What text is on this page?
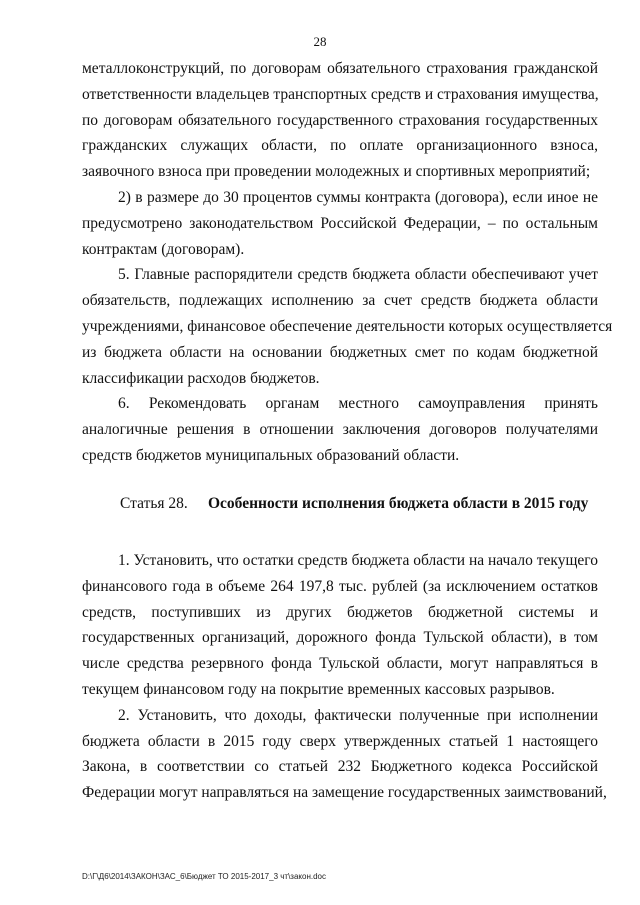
28
металлоконструкций, по договорам обязательного страхования гражданской
ответственности владельцев транспортных средств и страхования имущества,
по договорам обязательного государственного страхования государственных
гражданских служащих области, по оплате организационного взноса,
заявочного взноса при проведении молодежных и спортивных мероприятий;
2) в размере до 30 процентов суммы контракта (договора), если иное не
предусмотрено законодательством Российской Федерации, – по остальным
контрактам (договорам).
5. Главные распорядители средств бюджета области обеспечивают учет
обязательств, подлежащих исполнению за счет средств бюджета области
учреждениями, финансовое обеспечение деятельности которых осуществляется
из бюджета области на основании бюджетных смет по кодам бюджетной
классификации расходов бюджетов.
6. Рекомендовать органам местного самоуправления принять
аналогичные решения в отношении заключения договоров получателями
средств бюджетов муниципальных образований области.
Статья 28. Особенности исполнения бюджета области в 2015 году
1. Установить, что остатки средств бюджета области на начало текущего
финансового года в объеме 264 197,8 тыс. рублей (за исключением остатков
средств, поступивших из других бюджетов бюджетной системы и
государственных организаций, дорожного фонда Тульской области), в том
числе средства резервного фонда Тульской области, могут направляться в
текущем финансовом году на покрытие временных кассовых разрывов.
2. Установить, что доходы, фактически полученные при исполнении
бюджета области в 2015 году сверх утвержденных статьей 1 настоящего
Закона, в соответствии со статьей 232 Бюджетного кодекса Российской
Федерации могут направляться на замещение государственных заимствований,
D:\Г\Д6\2014\ЗАКОН\ЗАС_6\Бюджет ТО 2015-2017_3 чт\закон.doc
